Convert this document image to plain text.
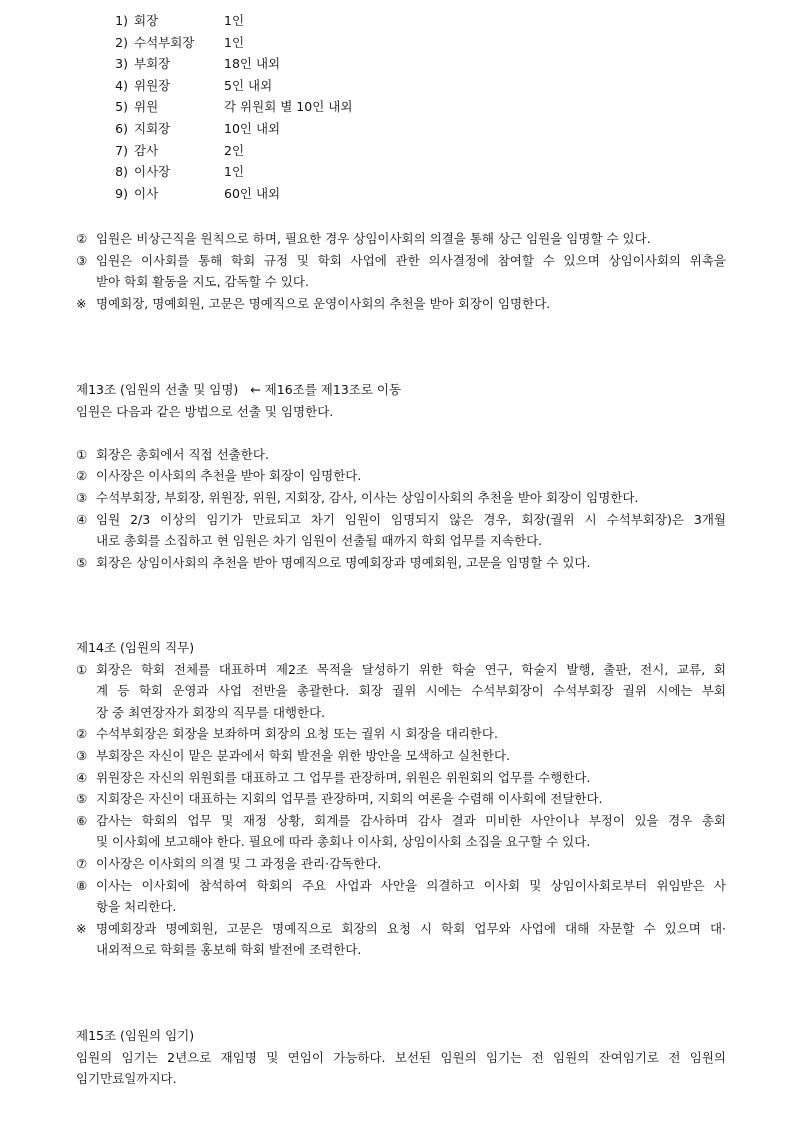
1) 회장	1인
2) 수석부회장 1인
3) 부회장	18인 내외
4) 위원장	5인 내외
5) 위원	각 위원회 별 10인 내외
6) 지회장	10인 내외
7) 감사	2인
8) 이사장	1인
9) 이사	60인 내외
② 임원은 비상근직을 원칙으로 하며, 필요한 경우 상임이사회의 의결을 통해 상근 임원을 임명할 수 있다.
③ 임원은 이사회를 통해 학회 규정 및 학회 사업에 관한 의사결정에 참여할 수 있으며 상임이사회의 위촉을
받아 학회 활동을 지도, 감독할 수 있다.
※ 명예회장, 명예회원, 고문은 명예직으로 운영이사회의 추천을 받아 회장이 임명한다.
제13조 (임원의 선출 및 임명) ← 제16조를 제13조로 이동
임원은 다음과 같은 방법으로 선출 및 임명한다.
① 회장은 총회에서 직접 선출한다.
② 이사장은 이사회의 추천을 받아 회장이 임명한다.
③ 수석부회장, 부회장, 위원장, 위원, 지회장, 감사, 이사는 상임이사회의 추천을 받아 회장이 임명한다.
④ 임원 2/3 이상의 임기가 만료되고 차기 임원이 임명되지 않은 경우, 회장(궐위 시 수석부회장)은 3개월
내로 총회를 소집하고 현 임원은 차기 임원이 선출될 때까지 학회 업무를 지속한다.
⑤ 회장은 상임이사회의 추천을 받아 명예직으로 명예회장과 명예회원, 고문을 임명할 수 있다.
제14조 (임원의 직무)
① 회장은 학회 전체를 대표하며 제2조 목적을 달성하기 위한 학술 연구, 학술지 발행, 출판, 전시, 교류, 회
계 등 학회 운영과 사업 전반을 총괄한다. 회장 궐위 시에는 수석부회장이 수석부회장 궐위 시에는 부회
장 중 최연장자가 회장의 직무를 대행한다.
② 수석부회장은 회장을 보좌하며 회장의 요청 또는 궐위 시 회장을 대리한다.
③ 부회장은 자신이 맡은 분과에서 학회 발전을 위한 방안을 모색하고 실천한다.
④ 위원장은 자신의 위원회를 대표하고 그 업무를 관장하며, 위원은 위원회의 업무를 수행한다.
⑤ 지회장은 자신이 대표하는 지회의 업무를 관장하며, 지회의 여론을 수렴해 이사회에 전달한다.
⑥ 감사는 학회의 업무 및 재정 상황, 회계를 감사하며 감사 결과 미비한 사안이나 부정이 있을 경우 총회
및 이사회에 보고해야 한다. 필요에 따라 총회나 이사회, 상임이사회 소집을 요구할 수 있다.
⑦ 이사장은 이사회의 의결 및 그 과정을 관리·감독한다.
⑧ 이사는 이사회에 참석하여 학회의 주요 사업과 사안을 의결하고 이사회 및 상임이사회로부터 위임받은 사
항을 처리한다.
※ 명예회장과 명예회원, 고문은 명예직으로 회장의 요청 시 학회 업무와 사업에 대해 자문할 수 있으며 대·
내외적으로 학회를 홍보해 학회 발전에 조력한다.
제15조 (임원의 임기)
임원의 임기는 2년으로 재임명 및 연임이 가능하다. 보선된 임원의 임기는 전 임원의 잔여임기로 전 임원의
임기만료일까지다.
